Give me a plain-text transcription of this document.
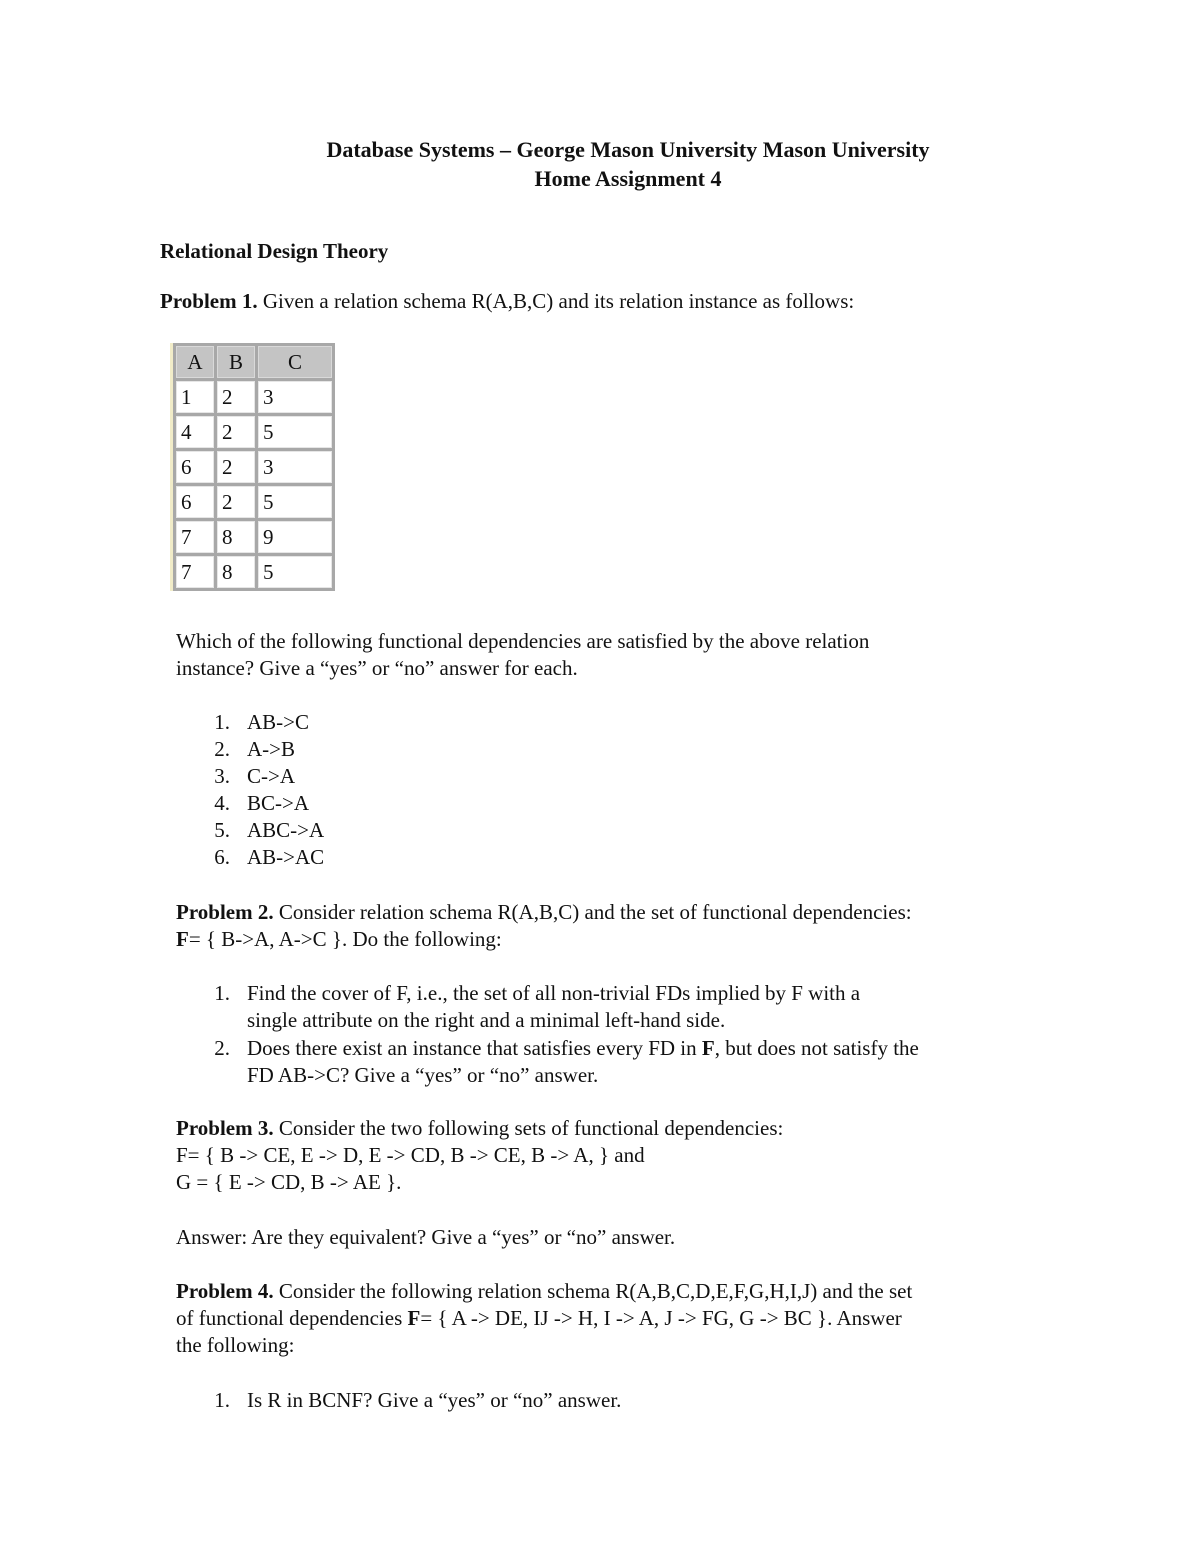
Database Systems – George Mason University Mason University
Home Assignment 4
Relational Design Theory
Problem 1. Given a relation schema R(A,B,C) and its relation instance as follows:
A	B	C
1	2	3
4	2	5
6	2	3
6	2	5
7	8	9
7	8	5
Which of the following functional dependencies are satisfied by the above relation
instance? Give a “yes” or “no” answer for each.
1. AB->C
2. A->B
3. C->A
4. BC->A
5. ABC->A
6. AB->AC
Problem 2. Consider relation schema R(A,B,C) and the set of functional dependencies:
F= { B->A, A->C }. Do the following:
1. Find the cover of F, i.e., the set of all non-trivial FDs implied by F with a
single attribute on the right and a minimal left-hand side.
2. Does there exist an instance that satisfies every FD in F, but does not satisfy the
FD AB->C? Give a “yes” or “no” answer.
Problem 3. Consider the two following sets of functional dependencies:
F= { B -> CE, E -> D, E -> CD, B -> CE, B -> A, } and
G = { E -> CD, B -> AE }.
Answer: Are they equivalent? Give a “yes” or “no” answer.
Problem 4. Consider the following relation schema R(A,B,C,D,E,F,G,H,I,J) and the set
of functional dependencies F= { A -> DE, IJ -> H, I -> A, J -> FG, G -> BC }. Answer
the following:
1. Is R in BCNF? Give a “yes” or “no” answer.
